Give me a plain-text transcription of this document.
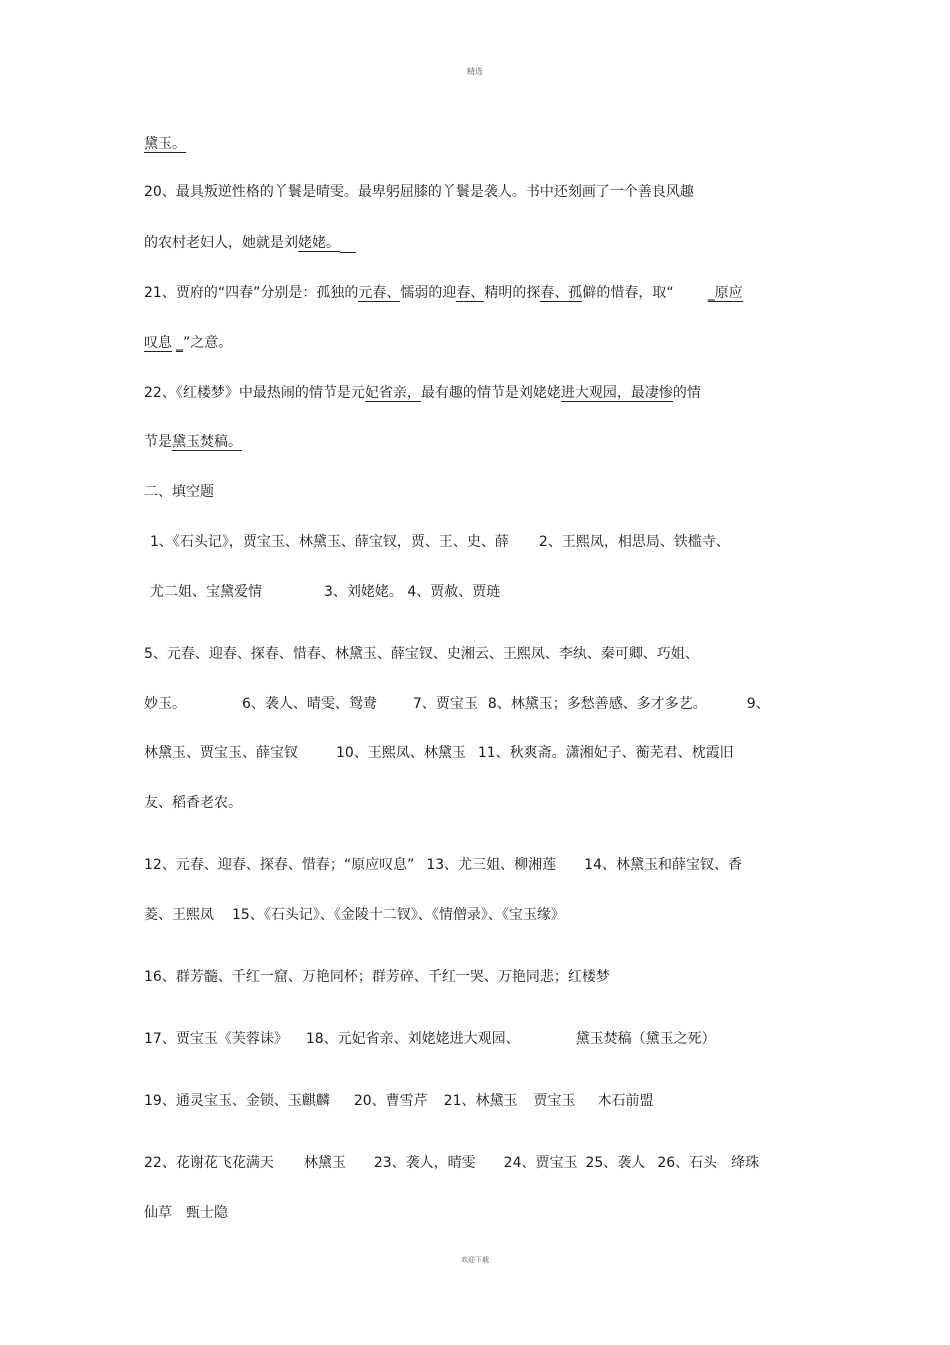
精选
黛玉。
20、最具叛逆性格的丫鬟是晴雯。最卑躬屈膝的丫鬟是袭人。书中还刻画了一个善良风趣
的农村老妇人，她就是刘姥姥。
21、贾府的“四春”分别是：孤独的元春、懦弱的迎春、精明的探春、孤僻的惜春，取“ _原应
叹息 _”之意。
22、《红楼梦》中最热闹的情节是元妃省亲，最有趣的情节是刘姥姥进大观园，最凄惨的情
节是黛玉焚稿。
二、填空题
1、《石头记》，贾宝玉、林黛玉、薛宝钗，贾、王、史、薛 2、王熙凤，相思局、铁槛寺、
尤二姐、宝黛爱情	3、刘姥姥。 4、贾赦、贾琏
5、元春、迎春、探春、惜春、林黛玉、薛宝钗、史湘云、王熙凤、李纨、秦可卿、巧姐、
妙玉。	6、袭人、晴雯、鸳鸯	7、贾宝玉 8、林黛玉；多愁善感、多才多艺。	9、
林黛玉、贾宝玉、薛宝钗	10、王熙凤、林黛玉 11、秋爽斋。潇湘妃子、蘅芜君、枕霞旧
友、稻香老农。
12、元春、迎春、探春、惜春；“原应叹息” 13、尤三姐、柳湘莲 14、林黛玉和薛宝钗、香
菱、王熙凤 15、《石头记》、《金陵十二钗》、《情僧录》、《宝玉缘》
16、群芳髓、千红一窟、万艳同杯；群芳碎、千红一哭、万艳同悲；红楼梦
17、贾宝玉《芙蓉诔》 18、元妃省亲、刘姥姥进大观园、	黛玉焚稿（黛玉之死）
19、通灵宝玉、金锁、玉麒麟 20、曹雪芹 21、林黛玉 贾宝玉 木石前盟
22、花谢花飞花满天 林黛玉 23、袭人，晴雯 24、贾宝玉 25、袭人 26、石头 绛珠
仙草 甄士隐
欢迎下载
